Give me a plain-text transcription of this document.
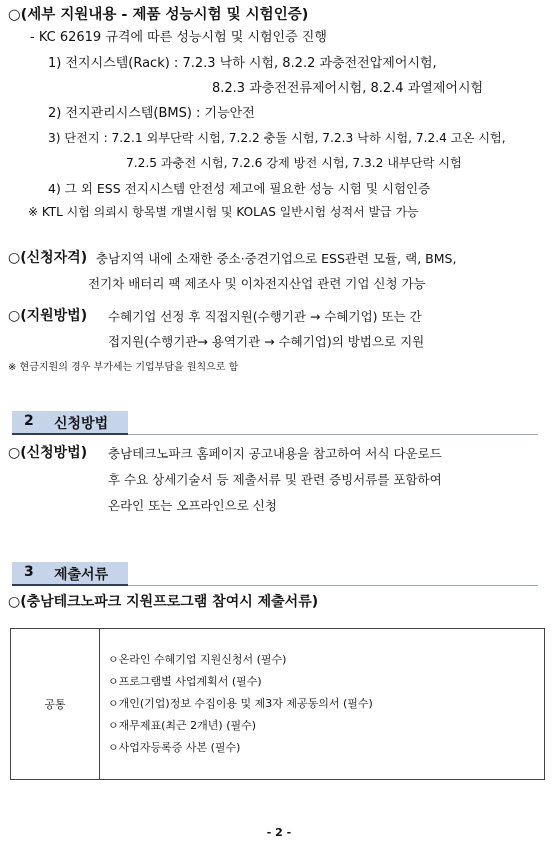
○(세부 지원내용 - 제품 성능시험 및 시험인증)
- KC 62619 규격에 따른 성능시험 및 시험인증 진행
1) 전지시스템(Rack) : 7.2.3 낙하 시험, 8.2.2 과충전전압제어시험,
8.2.3 과충전전류제어시험, 8.2.4 과열제어시험
2) 전지관리시스템(BMS) : 기능안전
3) 단전지 : 7.2.1 외부단락 시험, 7.2.2 충돌 시험, 7.2.3 낙하 시험, 7.2.4 고온 시험,
7.2.5 과충전 시험, 7.2.6 강제 방전 시험, 7.3.2 내부단락 시험
4) 그 외 ESS 전지시스템 안전성 제고에 필요한 성능 시험 및 시험인증
※ KTL 시험 의뢰시 항목별 개별시험 및 KOLAS 일반시험 성적서 발급 가능
○(신청자격) 충남지역 내에 소재한 중소·중견기업으로 ESS관련 모듈, 랙, BMS,
전기차 배터리 팩 제조사 및 이차전지산업 관련 기업 신청 가능
○(지원방법) 수혜기업 선정 후 직접지원(수행기관 → 수혜기업) 또는 간
접지원(수행기관→ 용역기관 → 수혜기업)의 방법으로 지원
※ 현금지원의 경우 부가세는 기업부담을 원칙으로 함
2 신청방법
○(신청방법) 충남테크노파크 홈페이지 공고내용을 참고하여 서식 다운로드
후 수요 상세기술서 등 제출서류 및 관련 증빙서류를 포함하여
온라인 또는 오프라인으로 신청
3 제출서류
○(충남테크노파크 지원프로그램 참여시 제출서류)
공통	
ㅇ온라인 수혜기업 지원신청서 (필수)
ㅇ프로그램별 사업계획서 (필수)
ㅇ개인(기업)정보 수집이용 및 제3자 제공동의서 (필수)
ㅇ재무제표(최근 2개년) (필수)
ㅇ사업자등록증 사본 (필수)
- 2 -
